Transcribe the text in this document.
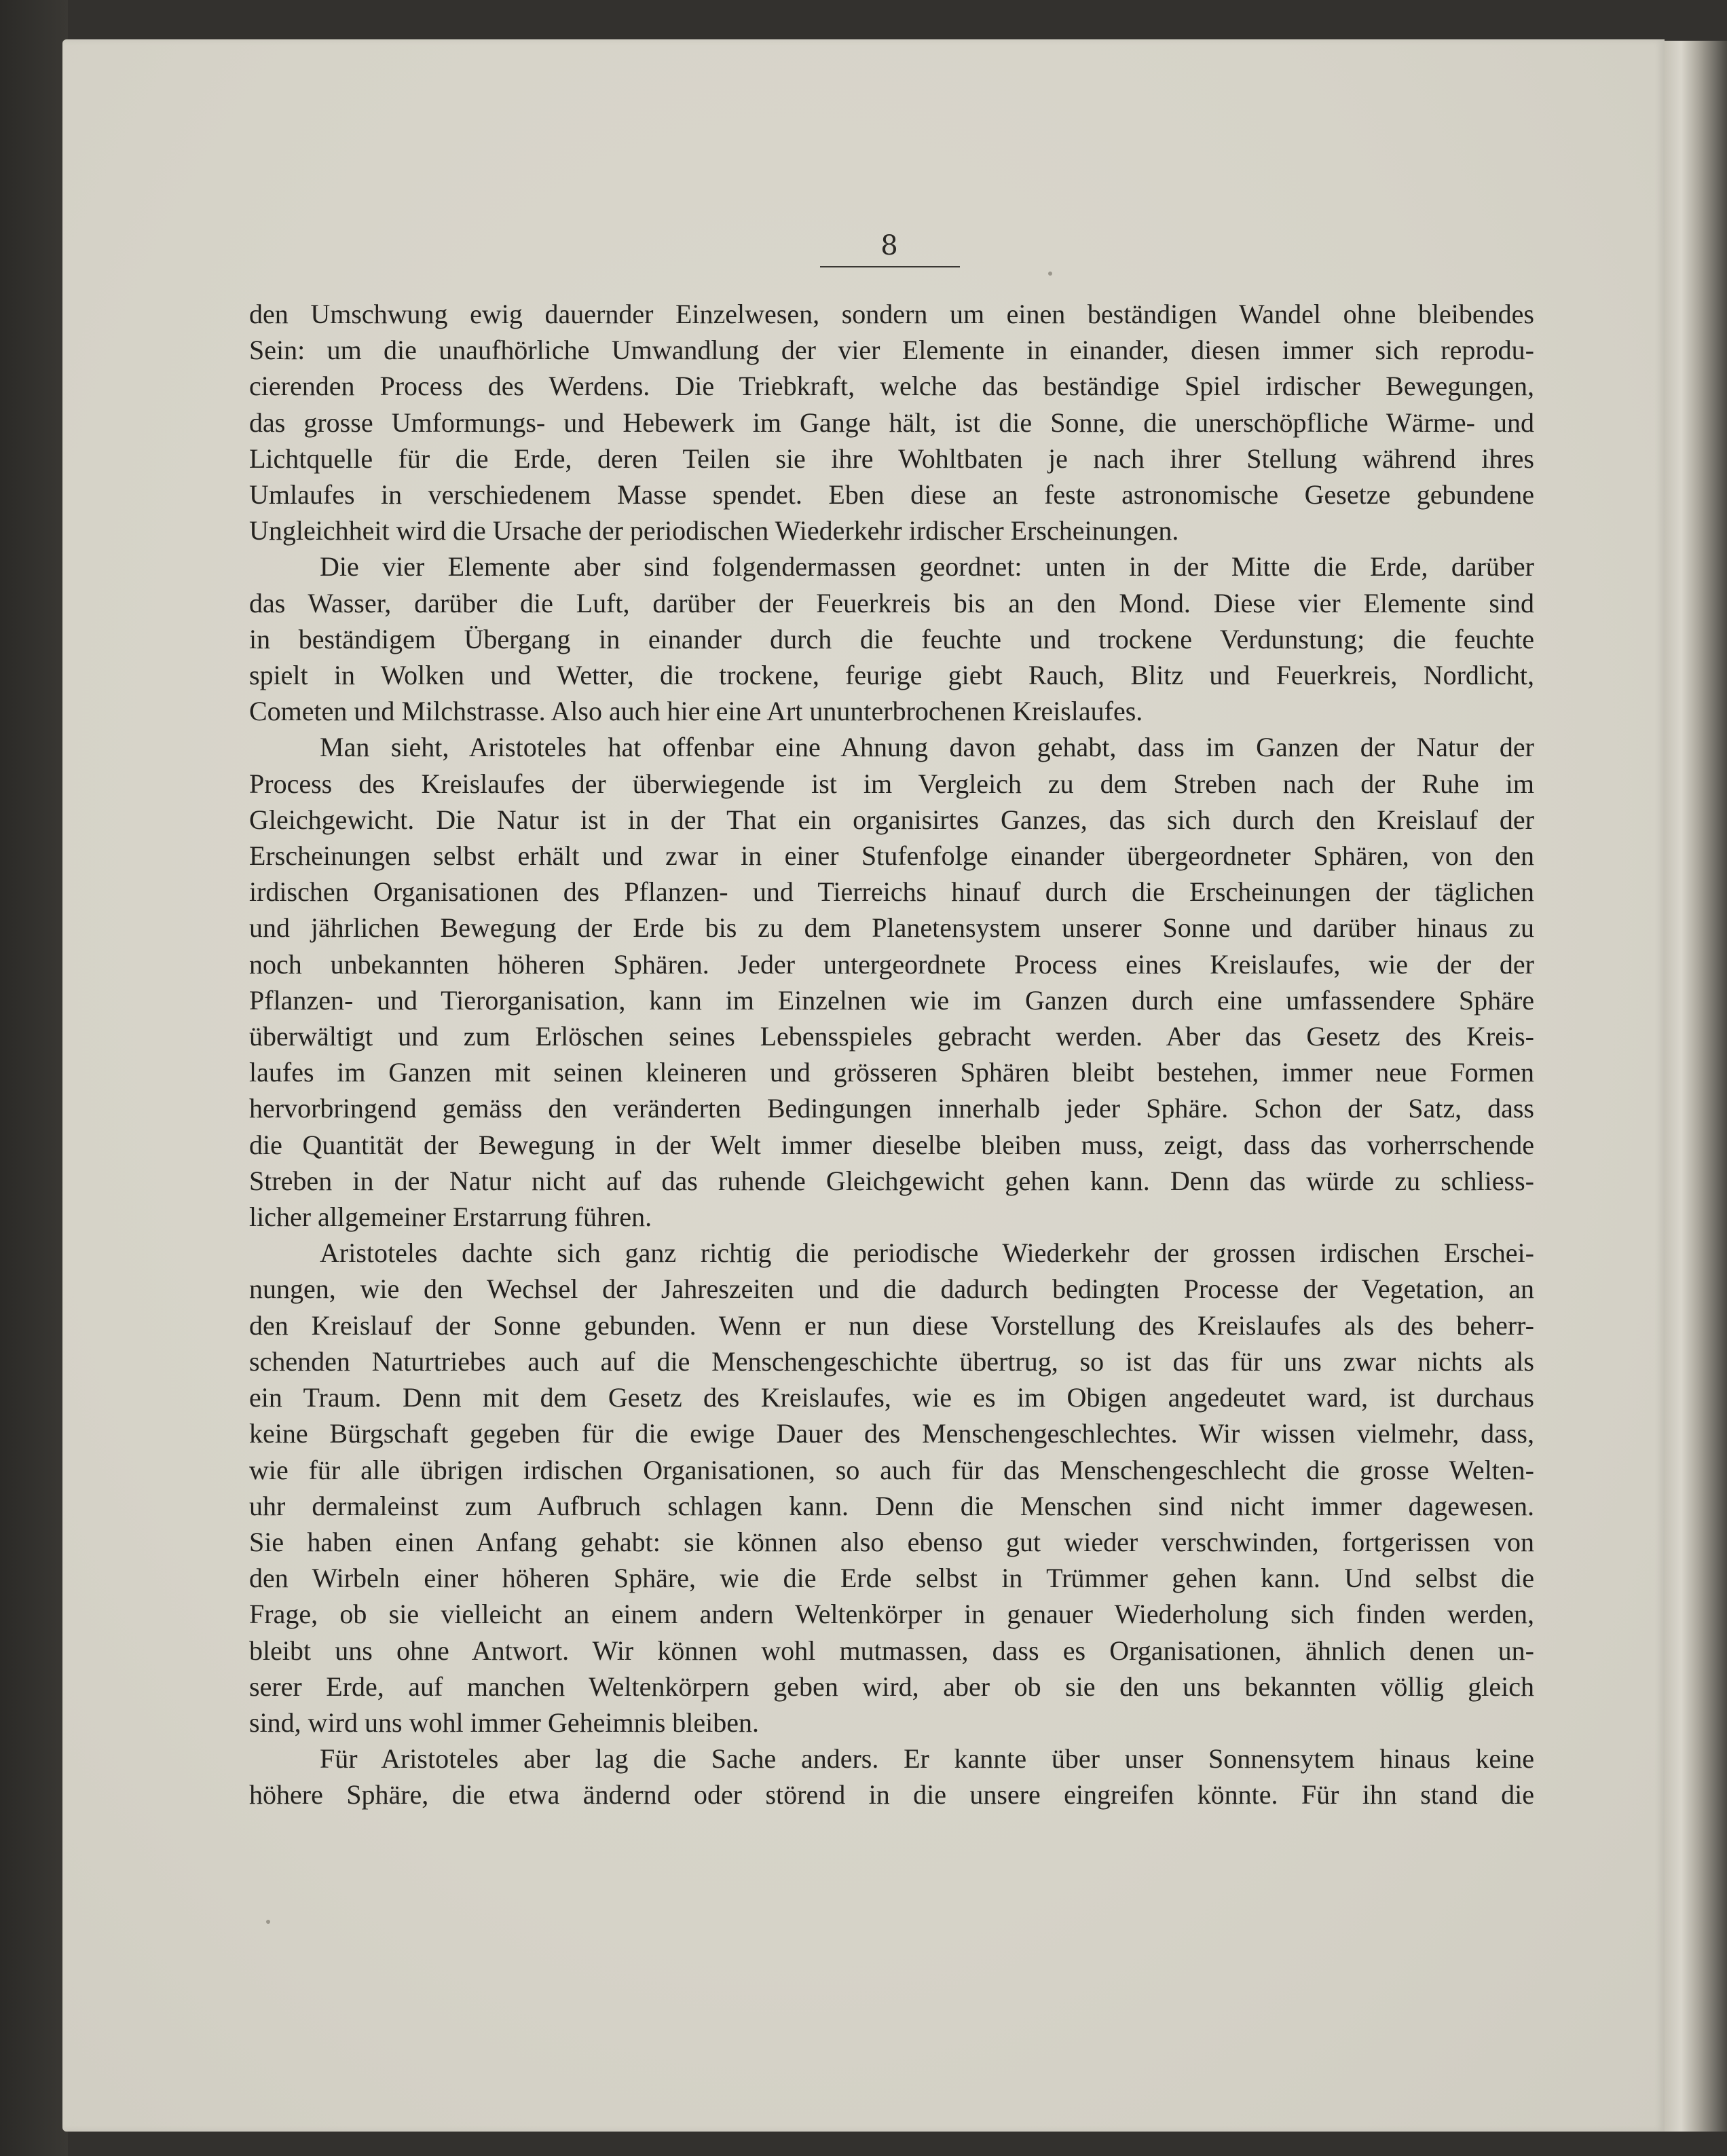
8
den Umschwung ewig dauernder Einzelwesen, sondern um einen beständigen Wandel ohne bleibendes
Sein: um die unaufhörliche Umwandlung der vier Elemente in einander, diesen immer sich reprodu-
cierenden Process des Werdens. Die Triebkraft, welche das beständige Spiel irdischer Bewegungen,
das grosse Umformungs- und Hebewerk im Gange hält, ist die Sonne, die unerschöpfliche Wärme- und
Lichtquelle für die Erde, deren Teilen sie ihre Wohltbaten je nach ihrer Stellung während ihres
Umlaufes in verschiedenem Masse spendet. Eben diese an feste astronomische Gesetze gebundene
Ungleichheit wird die Ursache der periodischen Wiederkehr irdischer Erscheinungen.
Die vier Elemente aber sind folgendermassen geordnet: unten in der Mitte die Erde, darüber
das Wasser, darüber die Luft, darüber der Feuerkreis bis an den Mond. Diese vier Elemente sind
in beständigem Übergang in einander durch die feuchte und trockene Verdunstung; die feuchte
spielt in Wolken und Wetter, die trockene, feurige giebt Rauch, Blitz und Feuerkreis, Nordlicht,
Cometen und Milchstrasse. Also auch hier eine Art ununterbrochenen Kreislaufes.
Man sieht, Aristoteles hat offenbar eine Ahnung davon gehabt, dass im Ganzen der Natur der
Process des Kreislaufes der überwiegende ist im Vergleich zu dem Streben nach der Ruhe im
Gleichgewicht. Die Natur ist in der That ein organisirtes Ganzes, das sich durch den Kreislauf der
Erscheinungen selbst erhält und zwar in einer Stufenfolge einander übergeordneter Sphären, von den
irdischen Organisationen des Pflanzen- und Tierreichs hinauf durch die Erscheinungen der täglichen
und jährlichen Bewegung der Erde bis zu dem Planetensystem unserer Sonne und darüber hinaus zu
noch unbekannten höheren Sphären. Jeder untergeordnete Process eines Kreislaufes, wie der der
Pflanzen- und Tierorganisation, kann im Einzelnen wie im Ganzen durch eine umfassendere Sphäre
überwältigt und zum Erlöschen seines Lebensspieles gebracht werden. Aber das Gesetz des Kreis-
laufes im Ganzen mit seinen kleineren und grösseren Sphären bleibt bestehen, immer neue Formen
hervorbringend gemäss den veränderten Bedingungen innerhalb jeder Sphäre. Schon der Satz, dass
die Quantität der Bewegung in der Welt immer dieselbe bleiben muss, zeigt, dass das vorherrschende
Streben in der Natur nicht auf das ruhende Gleichgewicht gehen kann. Denn das würde zu schliess-
licher allgemeiner Erstarrung führen.
Aristoteles dachte sich ganz richtig die periodische Wiederkehr der grossen irdischen Erschei-
nungen, wie den Wechsel der Jahreszeiten und die dadurch bedingten Processe der Vegetation, an
den Kreislauf der Sonne gebunden. Wenn er nun diese Vorstellung des Kreislaufes als des beherr-
schenden Naturtriebes auch auf die Menschengeschichte übertrug, so ist das für uns zwar nichts als
ein Traum. Denn mit dem Gesetz des Kreislaufes, wie es im Obigen angedeutet ward, ist durchaus
keine Bürgschaft gegeben für die ewige Dauer des Menschengeschlechtes. Wir wissen vielmehr, dass,
wie für alle übrigen irdischen Organisationen, so auch für das Menschengeschlecht die grosse Welten-
uhr dermaleinst zum Aufbruch schlagen kann. Denn die Menschen sind nicht immer dagewesen.
Sie haben einen Anfang gehabt: sie können also ebenso gut wieder verschwinden, fortgerissen von
den Wirbeln einer höheren Sphäre, wie die Erde selbst in Trümmer gehen kann. Und selbst die
Frage, ob sie vielleicht an einem andern Weltenkörper in genauer Wiederholung sich finden werden,
bleibt uns ohne Antwort. Wir können wohl mutmassen, dass es Organisationen, ähnlich denen un-
serer Erde, auf manchen Weltenkörpern geben wird, aber ob sie den uns bekannten völlig gleich
sind, wird uns wohl immer Geheimnis bleiben.
Für Aristoteles aber lag die Sache anders. Er kannte über unser Sonnensytem hinaus keine
höhere Sphäre, die etwa ändernd oder störend in die unsere eingreifen könnte. Für ihn stand die
